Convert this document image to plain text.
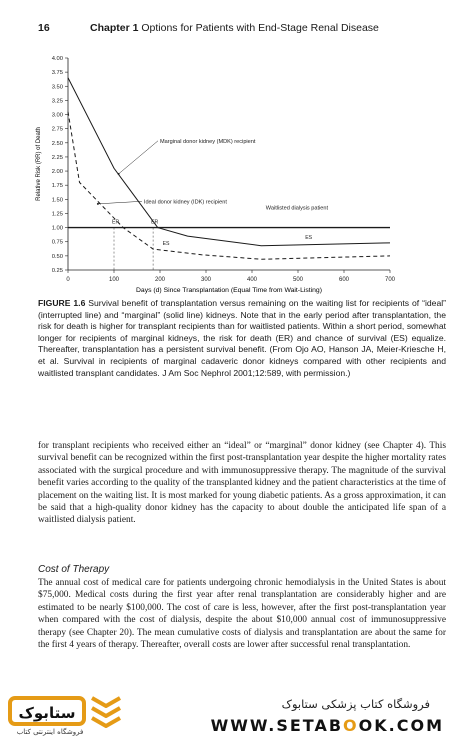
16	Chapter 1 Options for Patients with End-Stage Renal Disease
0.25
0.50
0.75
1.00
1.25
1.50
1.75
2.00
2.25
2.50
2.75
3.00
3.25
3.50
3.75
4.00
0	100	200	300	400	500	600	700
ER	ER
ES
ES
Marginal donor kidney (MDK) recipient
Ideal donor kidney (IDK) recipient
Waitlisted dialysis patient
Relative Risk (RR) of Death
Days (d) Since Transplantation (Equal Time from Wait-Listing)
FIGURE 1.6 Survival benefit of transplantation versus remaining on the waiting list for recipients of “ideal” (interrupted line) and “marginal” (solid line) kidneys. Note that in the early period after transplantation, the risk for death is higher for transplant recipients than for waitlisted patients. Within a short period, somewhat longer for recipients of marginal kidneys, the risk for death (ER) and chance of survival (ES) equalize. Thereafter, transplantation has a persistent survival benefit. (From Ojo AO, Hanson JA, Meier-Kriesche H, et al. Survival in recipients of marginal cadaveric donor kidneys compared with other recipients and waitlisted transplant candidates. J Am Soc Nephrol 2001;12:589, with permission.)
for transplant recipients who received either an “ideal” or “marginal” donor kidney (see Chapter 4). This survival benefit can be recognized within the first post-transplantation year despite the higher mortality rates associated with the surgical procedure and with immunosuppressive therapy. The magnitude of the survival benefit varies according to the quality of the transplanted kidney and the patient characteristics at the time of placement on the waiting list. It is most marked for young diabetic patients. As a gross approximation, it can be said that a high-quality donor kidney has the capacity to about double the anticipated life span of a waitlisted dialysis patient.
Cost of Therapy
The annual cost of medical care for patients undergoing chronic hemodialysis in the United States is about $75,000. Medical costs during the first year after renal transplantation are considerably higher and are estimated to be nearly $100,000. The cost of care is less, however, after the first post-transplantation year when compared with the cost of dialysis, despite the about $10,000 annual cost of immunosuppressive therapy (see Chapter 20). The mean cumulative costs of dialysis and transplantation are about the same for the first 4 years of therapy. Thereafter, overall costs are lower after successful renal transplantation.
ستابوک
فروشگاه اینترنتی کتاب
فروشگاه کتاب پزشکی ستابوک
WWW.SETABOOK.COM
